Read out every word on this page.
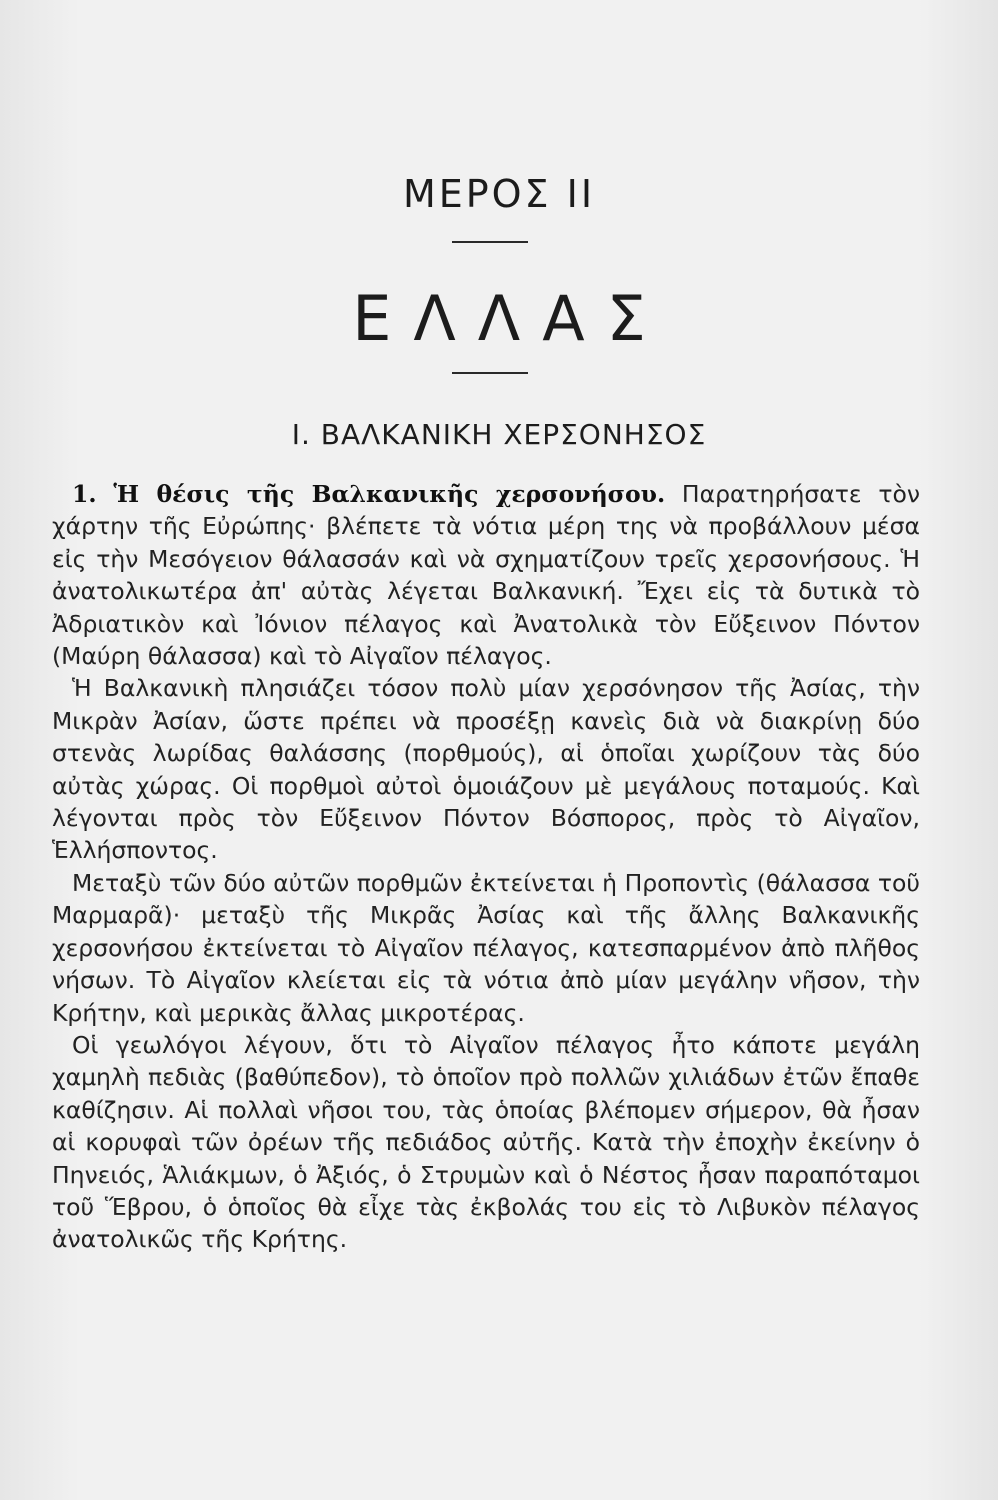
ΜΕΡΟΣ ΙΙ
ΕΛΛΑΣ
Ι. ΒΑΛΚΑΝΙΚΗ ΧΕΡΣΟΝΗΣΟΣ

1. Ἡ θέσις τῆς Βαλκανικῆς χερσονήσου. Παρατηρήσατε τὸν χάρτην τῆς Εὐρώπης· βλέπετε τὰ νότια μέρη της νὰ προβάλλουν μέσα εἰς τὴν Μεσόγειον θάλασσάν καὶ νὰ σχηματίζουν τρεῖς χερσονήσους. Ἡ ἀνατολικωτέρα ἀπ' αὐτὰς λέγεται Βαλκανική. Ἔχει εἰς τὰ δυτικὰ τὸ Ἀδριατικὸν καὶ Ἰόνιον πέλαγος καὶ Ἀνατολικὰ τὸν Εὔξεινον Πόντον (Μαύρη θάλασσα) καὶ τὸ Αἰγαῖον πέλαγος.

Ἡ Βαλκανικὴ πλησιάζει τόσον πολὺ μίαν χερσόνησον τῆς Ἀσίας, τὴν Μικρὰν Ἀσίαν, ὥστε πρέπει νὰ προσέξῃ κανεὶς διὰ νὰ διακρίνῃ δύο στενὰς λωρίδας θαλάσσης (πορθμούς), αἱ ὁποῖαι χωρίζουν τὰς δύο αὐτὰς χώρας. Οἱ πορθμοὶ αὐτοὶ ὁμοιάζουν μὲ μεγάλους ποταμούς. Καὶ λέγονται πρὸς τὸν Εὔξεινον Πόντον Βόσπορος, πρὸς τὸ Αἰγαῖον, Ἑλλήσποντος.

Μεταξὺ τῶν δύο αὐτῶν πορθμῶν ἐκτείνεται ἡ Προποντὶς (θάλασσα τοῦ Μαρμαρᾶ)· μεταξὺ τῆς Μικρᾶς Ἀσίας καὶ τῆς ἄλλης Βαλκανικῆς χερσονήσου ἐκτείνεται τὸ Αἰγαῖον πέλαγος, κατεσπαρμένον ἀπὸ πλῆθος νήσων. Τὸ Αἰγαῖον κλείεται εἰς τὰ νότια ἀπὸ μίαν μεγάλην νῆσον, τὴν Κρήτην, καὶ μερικὰς ἄλλας μικροτέρας.

Οἱ γεωλόγοι λέγουν, ὅτι τὸ Αἰγαῖον πέλαγος ἦτο κάποτε μεγάλη χαμηλὴ πεδιὰς (βαθύπεδον), τὸ ὁποῖον πρὸ πολλῶν χιλιάδων ἐτῶν ἔπαθε καθίζησιν. Αἱ πολλαὶ νῆσοι του, τὰς ὁποίας βλέπομεν σήμερον, θὰ ἦσαν αἱ κορυφαὶ τῶν ὀρέων τῆς πεδιάδος αὐτῆς. Κατὰ τὴν ἐποχὴν ἐκείνην ὁ Πηνειός, Ἁλιάκμων, ὁ Ἀξιός, ὁ Στρυμὼν καὶ ὁ Νέστος ἦσαν παραπόταμοι τοῦ Ἕβρου, ὁ ὁποῖος θὰ εἶχε τὰς ἐκβολάς του εἰς τὸ Λιβυκὸν πέλαγος ἀνατολικῶς τῆς Κρήτης.
